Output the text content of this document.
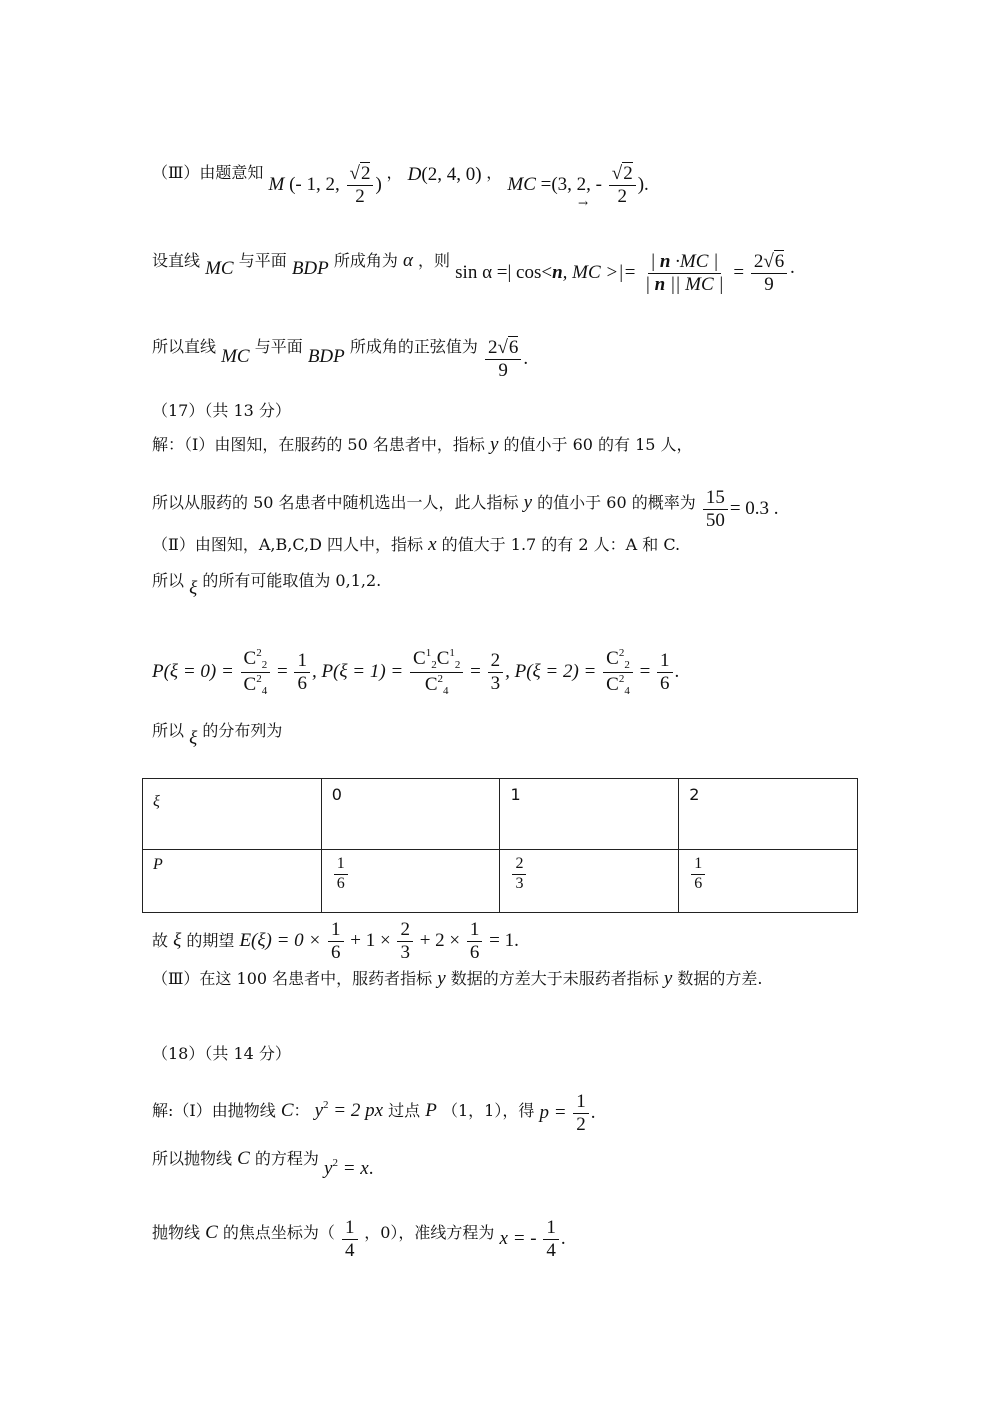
（Ⅲ）由题意知 M (- 1, 2, $\frac{√2}{2}$ ) ， D(2, 4, 0) ， MC =(3, 2, - $\frac{√2}{2}$ ).
→
设直线 MC 与平面 BDP 所成角为 α ，则 sin α =| cos<n, MC >|= $\frac{| n \cdot MC |}{| n || MC |} = \frac{2√6}{9}$ ·
所以直线 MC 与平面 BDP 所成角的正弦值为 $\frac{2√6}{9}$ .
（17）（共 13 分）
解：（Ⅰ）由图知，在服药的 50 名患者中，指标 y 的值小于 60 的有 15 人，
所以从服药的 50 名患者中随机选出一人，此人指标 y 的值小于 60 的概率为 $\frac{15}{50} = 0.3$ .
（Ⅱ）由图知，A,B,C,D 四人中，指标 x 的值大于 1.7 的有 2 人：A 和 C.
所以 ξ 的所有可能取值为 0,1,2.
$P(\xi = 0) = \frac{C^2_2}{C^2_4} = \frac{1}{6}$ , $P(\xi = 1) = \frac{C^1_2C^1_2}{C^2_4} = \frac{2}{3}$ , $P(\xi = 2) = \frac{C^2_2}{C^2_4} = \frac{1}{6}$ .
所以 ξ 的分布列为
ξ	0	1	2
P	$\frac{1}{6}$	$\frac{2}{3}$	$\frac{1}{6}$
故 ξ 的期望 $E(\xi) = 0 \times \frac{1}{6} + 1 \times \frac{2}{3} + 2 \times \frac{1}{6} = 1$.
（Ⅲ）在这 100 名患者中，服药者指标 y 数据的方差大于未服药者指标 y 数据的方差.
（18）（共 14 分）
解:（Ⅰ）由抛物线 C： $y^2 = 2$ px 过点 P （1，1），得 $p = \frac{1}{2}$ .
所以抛物线 C 的方程为 $y^2 = x$.
抛物线 C 的焦点坐标为（ $\frac{1}{4}$ ，0），准线方程为 x = - $\frac{1}{4}$ .
